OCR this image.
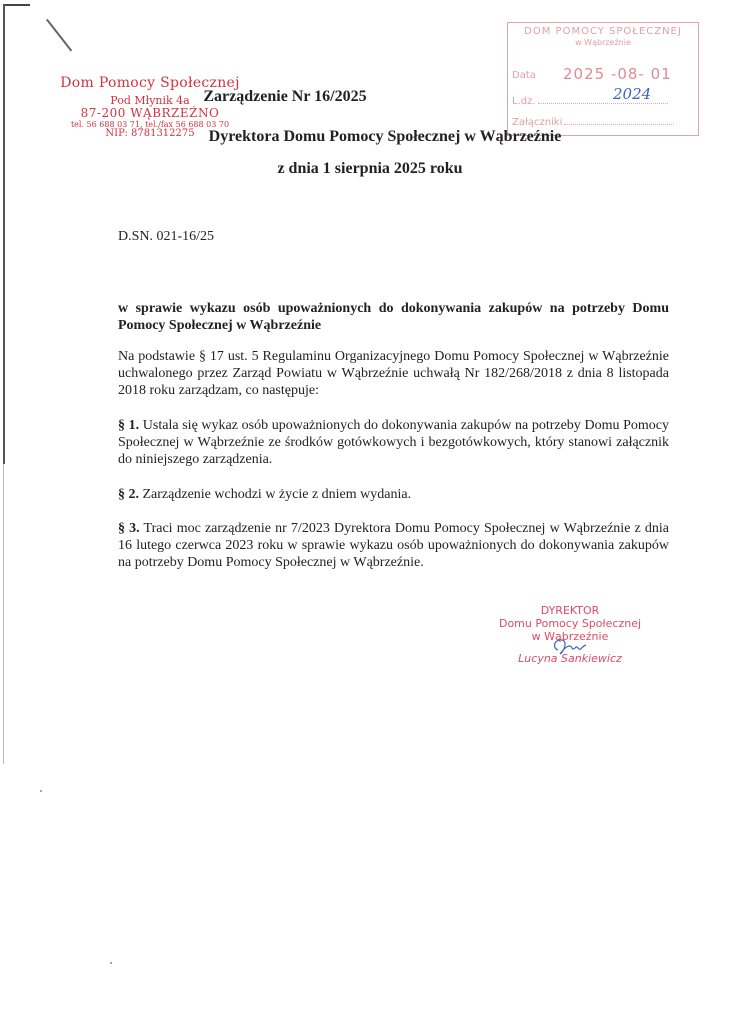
Dom Pomocy Społecznej
Pod Młynik 4a
87-200 WĄBRZEŹNO
tel. 56 688 03 71, tel./fax 56 688 03 70
NIP: 8781312275
DOM POMOCY SPOŁECZNEJ
w Wąbrzeźnie
Data 2025 -08- 01
L.dz.	2024
Załączniki
Zarządzenie Nr 16/2025
Dyrektora Domu Pomocy Społecznej w Wąbrzeźnie
z dnia 1 sierpnia 2025 roku
D.SN. 021-16/25
w sprawie wykazu osób upoważnionych do dokonywania zakupów na potrzeby Domu Pomocy Społecznej w Wąbrzeźnie
Na podstawie § 17 ust. 5 Regulaminu Organizacyjnego Domu Pomocy Społecznej w Wąbrzeźnie uchwalonego przez Zarząd Powiatu w Wąbrzeźnie uchwałą Nr 182/268/2018 z dnia 8 listopada 2018 roku zarządzam, co następuje:
§ 1. Ustala się wykaz osób upoważnionych do dokonywania zakupów na potrzeby Domu Pomocy Społecznej w Wąbrzeźnie ze środków gotówkowych i bezgotówkowych, który stanowi załącznik do niniejszego zarządzenia.
§ 2. Zarządzenie wchodzi w życie z dniem wydania.
§ 3. Traci moc zarządzenie nr 7/2023 Dyrektora Domu Pomocy Społecznej w Wąbrzeźnie z dnia 16 lutego czerwca 2023 roku w sprawie wykazu osób upoważnionych do dokonywania zakupów na potrzeby Domu Pomocy Społecznej w Wąbrzeźnie.
DYREKTOR
Domu Pomocy Społecznej
w Wąbrzeźnie
Lucyna Sankiewicz
